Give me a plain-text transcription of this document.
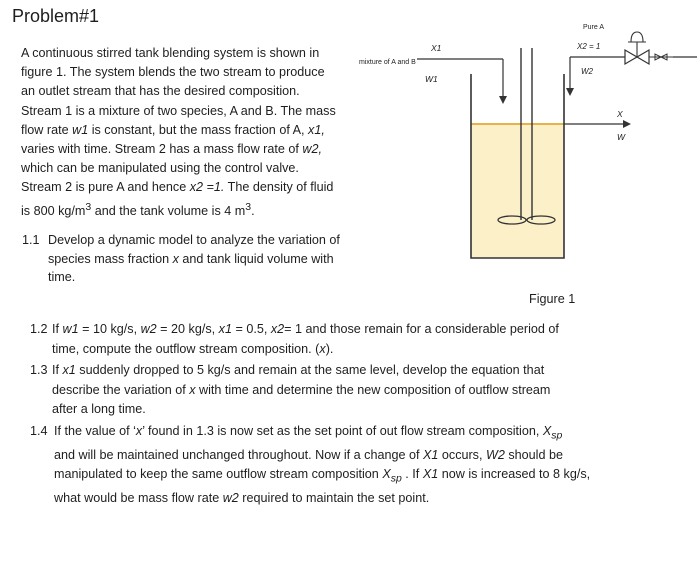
Problem#1
A continuous stirred tank blending system is shown in
figure 1. The system blends the two stream to produce
an outlet stream that has the desired composition.
Stream 1 is a mixture of two species, A and B. The mass
flow rate w1 is constant, but the mass fraction of A, x1,
varies with time. Stream 2 has a mass flow rate of w2,
which can be manipulated using the control valve.
Stream 2 is pure A and hence x2 =1. The density of fluid
is 800 $kg/m^3$ and the tank volume is 4 $m^3$.
1.1 Develop a dynamic model to analyze the variation of
species mass fraction x and tank liquid volume with
time.
mixture of A and B
X1
W1
Pure A
X2 = 1
W2
X
W
Figure 1
1.2 If w1 = 10 kg/s, w2 = 20 kg/s, x1 = 0.5, x2= 1 and those remain for a considerable period of
time, compute the outflow stream composition. (x).
1.3 If x1 suddenly dropped to 5 kg/s and remain at the same level, develop the equation that
describe the variation of x with time and determine the new composition of outflow stream
after a long time.
1.4 If the value of ‘x’ found in 1.3 is now set as the set point of out flow stream composition, $X_{sp}$
and will be maintained unchanged throughout. Now if a change of X1 occurs, W2 should be
manipulated to keep the same outflow stream composition $X_{sp}$ . If X1 now is increased to 8 kg/s,
what would be mass flow rate w2 required to maintain the set point.
